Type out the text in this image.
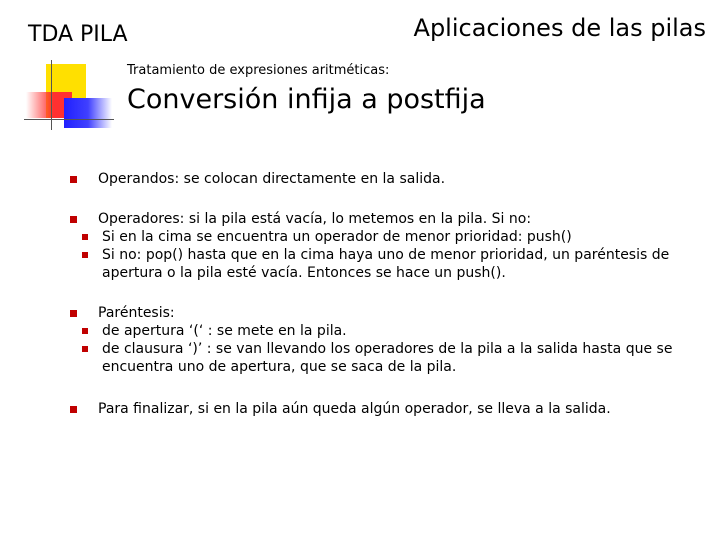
TDA PILA	Aplicaciones de las pilas
Tratamiento de expresiones aritméticas:
Conversión infija a postfija
Operandos: se colocan directamente en la salida.
Operadores: si la pila está vacía, lo metemos en la pila. Si no:
Si en la cima se encuentra un operador de menor prioridad: push()
Si no: pop() hasta que en la cima haya uno de menor prioridad, un paréntesis de apertura o la pila esté vacía. Entonces se hace un push().
Paréntesis:
de apertura ‘(‘ : se mete en la pila.
de clausura ‘)’ : se van llevando los operadores de la pila a la salida hasta que se encuentra uno de apertura, que se saca de la pila.
Para finalizar, si en la pila aún queda algún operador, se lleva a la salida.
